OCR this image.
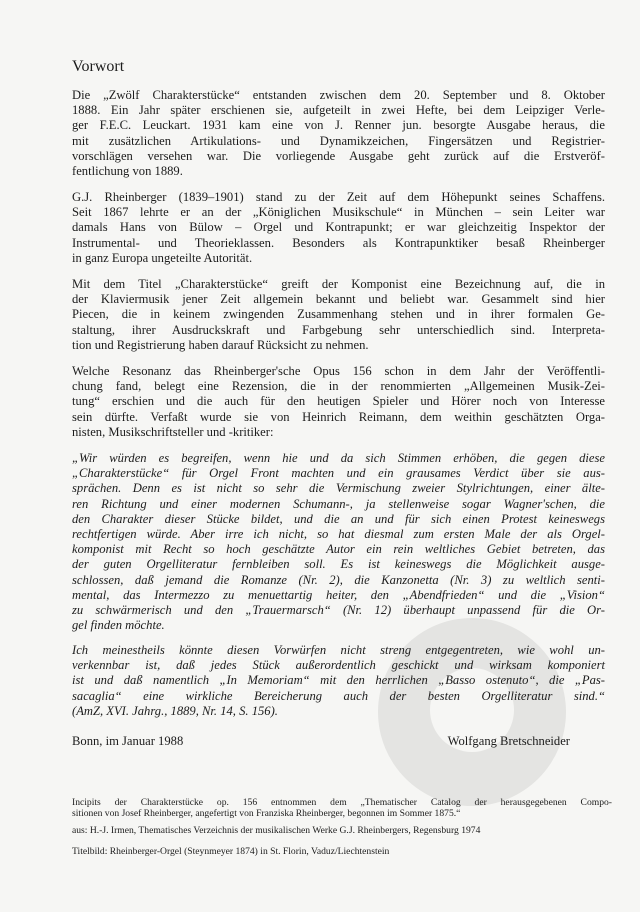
Vorwort
Die „Zwölf Charakterstücke“ entstanden zwischen dem 20. September und 8. Oktober
1888. Ein Jahr später erschienen sie, aufgeteilt in zwei Hefte, bei dem Leipziger Verle-
ger F.E.C. Leuckart. 1931 kam eine von J. Renner jun. besorgte Ausgabe heraus, die
mit zusätzlichen Artikulations- und Dynamikzeichen, Fingersätzen und Registrier-
vorschlägen versehen war. Die vorliegende Ausgabe geht zurück auf die Erstveröf-
fentlichung von 1889.
G.J. Rheinberger (1839–1901) stand zu der Zeit auf dem Höhepunkt seines Schaffens.
Seit 1867 lehrte er an der „Königlichen Musikschule“ in München – sein Leiter war
damals Hans von Bülow – Orgel und Kontrapunkt; er war gleichzeitig Inspektor der
Instrumental- und Theorieklassen. Besonders als Kontrapunktiker besaß Rheinberger
in ganz Europa ungeteilte Autorität.
Mit dem Titel „Charakterstücke“ greift der Komponist eine Bezeichnung auf, die in
der Klaviermusik jener Zeit allgemein bekannt und beliebt war. Gesammelt sind hier
Piecen, die in keinem zwingenden Zusammenhang stehen und in ihrer formalen Ge-
staltung, ihrer Ausdruckskraft und Farbgebung sehr unterschiedlich sind. Interpreta-
tion und Registrierung haben darauf Rücksicht zu nehmen.
Welche Resonanz das Rheinberger'sche Opus 156 schon in dem Jahr der Veröffentli-
chung fand, belegt eine Rezension, die in der renommierten „Allgemeinen Musik-Zei-
tung“ erschien und die auch für den heutigen Spieler und Hörer noch von Interesse
sein dürfte. Verfaßt wurde sie von Heinrich Reimann, dem weithin geschätzten Orga-
nisten, Musikschriftsteller und -kritiker:
„Wir würden es begreifen, wenn hie und da sich Stimmen erhöben, die gegen diese
„Charakterstücke“ für Orgel Front machten und ein grausames Verdict über sie aus-
sprächen. Denn es ist nicht so sehr die Vermischung zweier Stylrichtungen, einer älte-
ren Richtung und einer modernen Schumann-, ja stellenweise sogar Wagner'schen, die
den Charakter dieser Stücke bildet, und die an und für sich einen Protest keineswegs
rechtfertigen würde. Aber irre ich nicht, so hat diesmal zum ersten Male der als Orgel-
komponist mit Recht so hoch geschätzte Autor ein rein weltliches Gebiet betreten, das
der guten Orgelliteratur fernbleiben soll. Es ist keineswegs die Möglichkeit ausge-
schlossen, daß jemand die Romanze (Nr. 2), die Kanzonetta (Nr. 3) zu weltlich senti-
mental, das Intermezzo zu menuettartig heiter, den „Abendfrieden“ und die „Vision“
zu schwärmerisch und den „Trauermarsch“ (Nr. 12) überhaupt unpassend für die Or-
gel finden möchte.
Ich meinestheils könnte diesen Vorwürfen nicht streng entgegentreten, wie wohl un-
verkennbar ist, daß jedes Stück außerordentlich geschickt und wirksam komponiert
ist und daß namentlich „In Memoriam“ mit den herrlichen „Basso ostenuto“, die „Pas-
sacaglia“ eine wirkliche Bereicherung auch der besten Orgelliteratur sind.“
(AmZ, XVI. Jahrg., 1889, Nr. 14, S. 156).
Bonn, im Januar 1988	Wolfgang Bretschneider
Incipits der Charakterstücke op. 156 entnommen dem „Thematischer Catalog der herausgegebenen Compo-
sitionen von Josef Rheinberger, angefertigt von Franziska Rheinberger, begonnen im Sommer 1875.“
aus: H.-J. Irmen, Thematisches Verzeichnis der musikalischen Werke G.J. Rheinbergers, Regensburg 1974
Titelbild: Rheinberger-Orgel (Steynmeyer 1874) in St. Florin, Vaduz/Liechtenstein
